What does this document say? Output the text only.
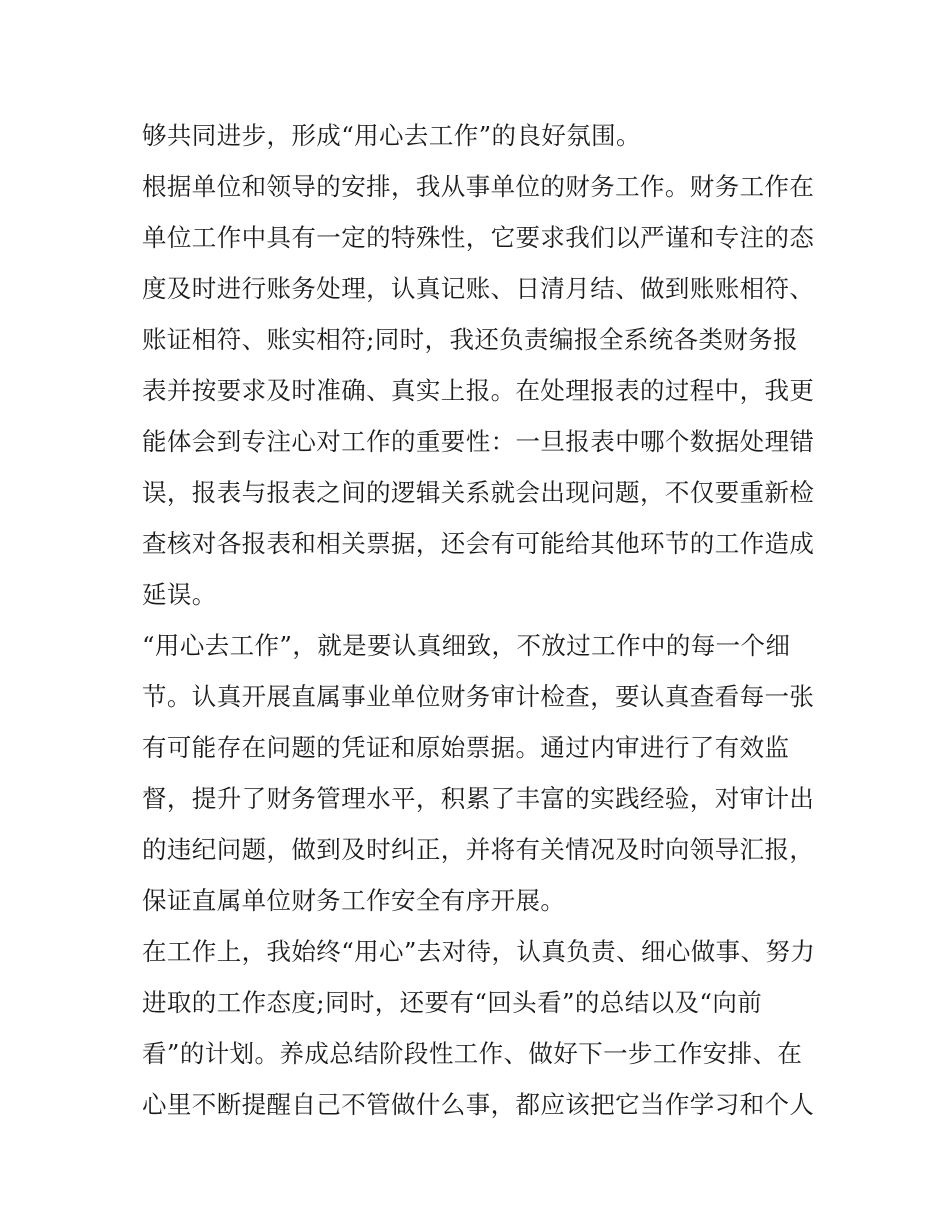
够共同进步，形成“用心去工作”的良好氛围。
根据单位和领导的安排，我从事单位的财务工作。财务工作在
单位工作中具有一定的特殊性，它要求我们以严谨和专注的态
度及时进行账务处理，认真记账、日清月结、做到账账相符、
账证相符、账实相符;同时，我还负责编报全系统各类财务报
表并按要求及时准确、真实上报。在处理报表的过程中，我更
能体会到专注心对工作的重要性：一旦报表中哪个数据处理错
误，报表与报表之间的逻辑关系就会出现问题，不仅要重新检
查核对各报表和相关票据，还会有可能给其他环节的工作造成
延误。
“用心去工作”，就是要认真细致，不放过工作中的每一个细
节。认真开展直属事业单位财务审计检查，要认真查看每一张
有可能存在问题的凭证和原始票据。通过内审进行了有效监
督，提升了财务管理水平，积累了丰富的实践经验，对审计出
的违纪问题，做到及时纠正，并将有关情况及时向领导汇报，
保证直属单位财务工作安全有序开展。
在工作上，我始终“用心”去对待，认真负责、细心做事、努力
进取的工作态度;同时，还要有“回头看”的总结以及“向前
看”的计划。养成总结阶段性工作、做好下一步工作安排、在
心里不断提醒自己不管做什么事，都应该把它当作学习和个人
